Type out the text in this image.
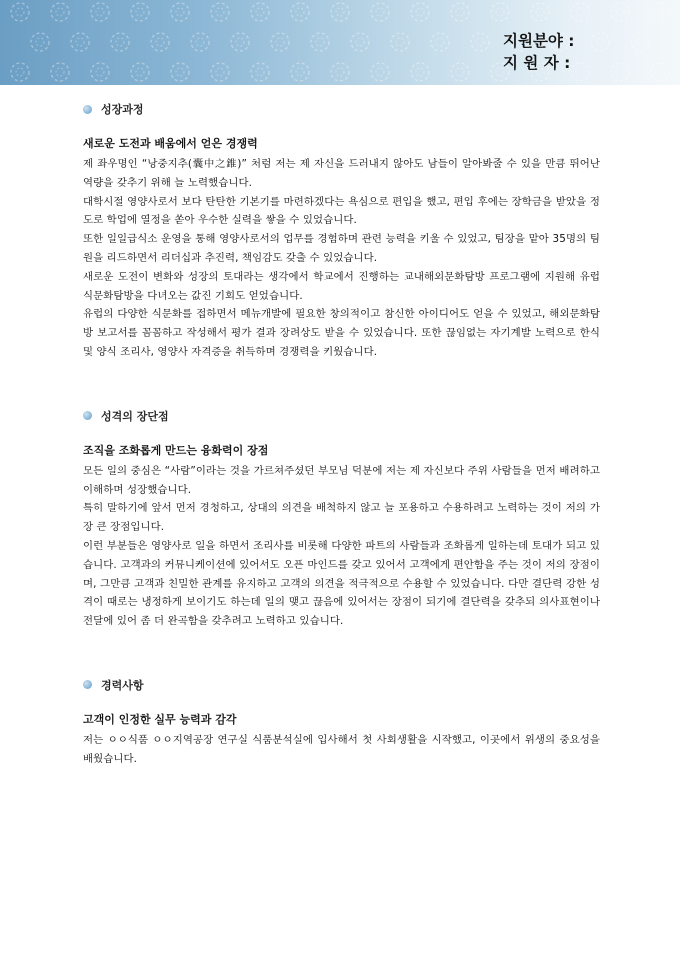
지원분야 :
지 원 자 :
성장과정
새로운 도전과 배움에서 얻은 경쟁력

제 좌우명인 “낭중지추(囊中之錐)” 처럼 저는 제 자신을 드러내지 않아도 남들이 알아봐줄 수 있을 만큼 뛰어난 역량을 갖추기 위해 늘 노력했습니다.

대학시절 영양사로서 보다 탄탄한 기본기를 마련하겠다는 욕심으로 편입을 했고, 편입 후에는 장학금을 받았을 정도로 학업에 열정을 쏟아 우수한 실력을 쌓을 수 있었습니다.

또한 일일급식소 운영을 통해 영양사로서의 업무를 경험하며 관련 능력을 키울 수 있었고, 팀장을 맡아 35명의 팀원을 리드하면서 리더십과 추진력, 책임감도 갖출 수 있었습니다.

새로운 도전이 변화와 성장의 토대라는 생각에서 학교에서 진행하는 교내해외문화탐방 프로그램에 지원해 유럽 식문화탐방을 다녀오는 값진 기회도 얻었습니다.

유럽의 다양한 식문화를 접하면서 메뉴개발에 필요한 창의적이고 참신한 아이디어도 얻을 수 있었고, 해외문화탐방 보고서를 꼼꼼하고 작성해서 평가 결과 장려상도 받을 수 있었습니다. 또한 끊임없는 자기계발 노력으로 한식 및 양식 조리사, 영양사 자격증을 취득하며 경쟁력을 키웠습니다.

성격의 장단점
조직을 조화롭게 만드는 융화력이 장점

모든 일의 중심은 “사람”이라는 것을 가르쳐주셨던 부모님 덕분에 저는 제 자신보다 주위 사람들을 먼저 배려하고 이해하며 성장했습니다.

특히 말하기에 앞서 먼저 경청하고, 상대의 의견을 배척하지 않고 늘 포용하고 수용하려고 노력하는 것이 저의 가장 큰 장점입니다.

이런 부분들은 영양사로 일을 하면서 조리사를 비롯해 다양한 파트의 사람들과 조화롭게 일하는데 토대가 되고 있습니다. 고객과의 커뮤니케이션에 있어서도 오픈 마인드를 갖고 있어서 고객에게 편안함을 주는 것이 저의 장점이며, 그만큼 고객과 친밀한 관계를 유지하고 고객의 의견을 적극적으로 수용할 수 있었습니다. 다만 결단력 강한 성격이 때로는 냉정하게 보이기도 하는데 일의 맺고 끊음에 있어서는 장점이 되기에 결단력을 갖추되 의사표현이나 전달에 있어 좀 더 완곡함을 갖추려고 노력하고 있습니다.

경력사항
고객이 인정한 실무 능력과 감각

저는 ㅇㅇ식품 ㅇㅇ지역공장 연구실 식품분석실에 입사해서 첫 사회생활을 시작했고, 이곳에서 위생의 중요성을 배웠습니다.
